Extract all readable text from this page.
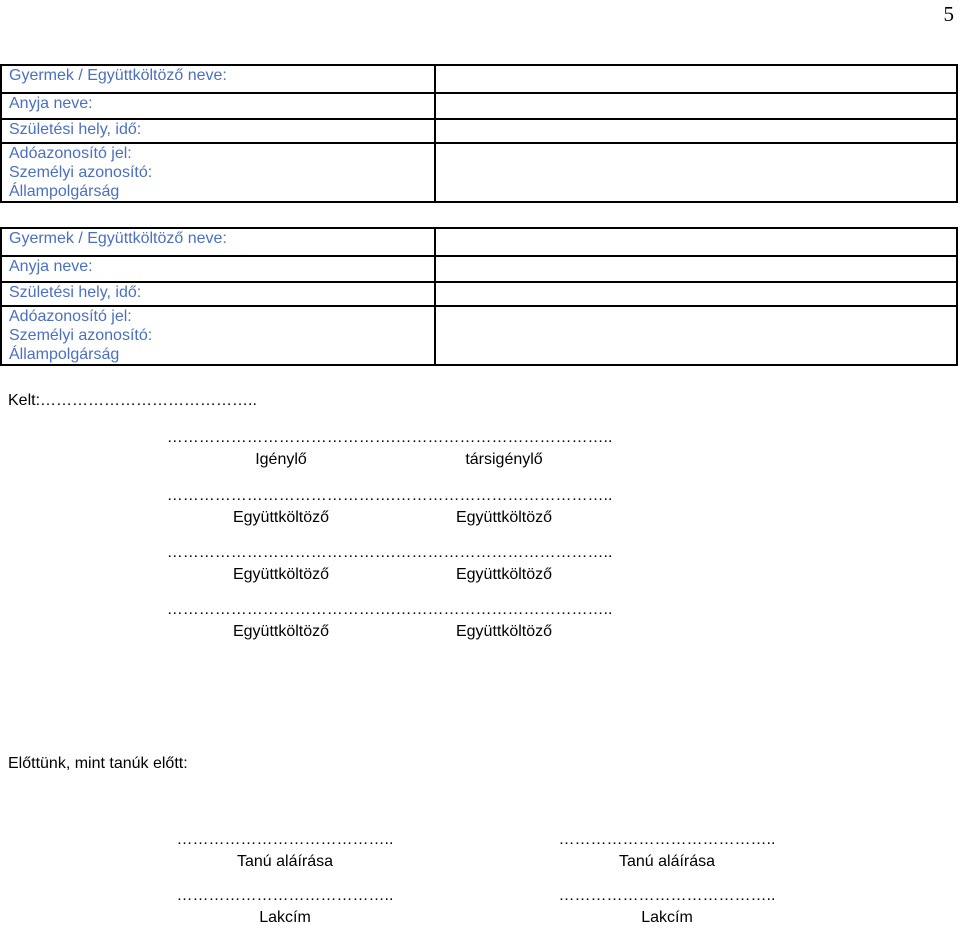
5
Gyermek / Együttköltöző neve:	
Anyja neve:	
Születési hely, idő:	

Adóazonosító jel:
Személyi azonosító:
Állampolgárság	

Gyermek / Együttköltöző neve:	
Anyja neve:	
Születési hely, idő:	

Adóazonosító jel:
Személyi azonosító:
Állampolgárság	

Kelt:…………………………………..
…………………………………….
Igénylő
…………………………………..
társigénylő
…………………………………….
Együttköltöző
…………………………………..
Együttköltöző
…………………………………….
Együttköltöző
…………………………………..
Együttköltöző
…………………………………….
Együttköltöző
…………………………………..
Együttköltöző
Előttünk, mint tanúk előtt:
…………………………………..
Tanú aláírása
…………………………………..
Tanú aláírása
…………………………………..
Lakcím
…………………………………..
Lakcím
